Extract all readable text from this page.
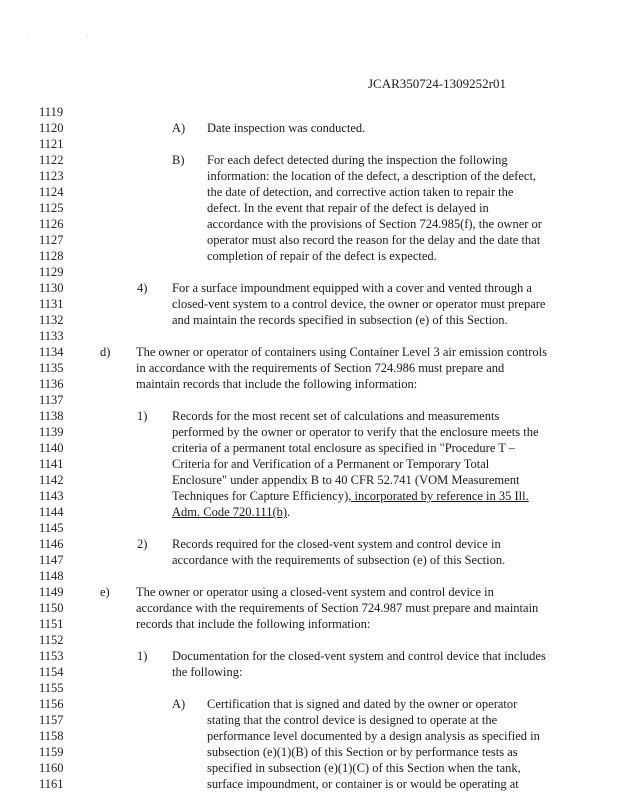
· ·
JCAR350724-1309252r01
1119
1120	A) Date inspection was conducted.
1121
1122	B) For each defect detected during the inspection the following
1123	information: the location of the defect, a description of the defect,
1124	the date of detection, and corrective action taken to repair the
1125	defect. In the event that repair of the defect is delayed in
1126	accordance with the provisions of Section 724.985(f), the owner or
1127	operator must also record the reason for the delay and the date that
1128	completion of repair of the defect is expected.
1129
1130	4) For a surface impoundment equipped with a cover and vented through a
1131	closed-vent system to a control device, the owner or operator must prepare
1132	and maintain the records specified in subsection (e) of this Section.
1133
1134	d) The owner or operator of containers using Container Level 3 air emission controls
1135	in accordance with the requirements of Section 724.986 must prepare and
1136	maintain records that include the following information:
1137
1138	1) Records for the most recent set of calculations and measurements
1139	performed by the owner or operator to verify that the enclosure meets the
1140	criteria of a permanent total enclosure as specified in "Procedure T –
1141	Criteria for and Verification of a Permanent or Temporary Total
1142	Enclosure" under appendix B to 40 CFR 52.741 (VOM Measurement
1143	Techniques for Capture Efficiency), incorporated by reference in 35 Ill.
1144	Adm. Code 720.111(b).
1145
1146	2) Records required for the closed-vent system and control device in
1147	accordance with the requirements of subsection (e) of this Section.
1148
1149	e) The owner or operator using a closed-vent system and control device in
1150	accordance with the requirements of Section 724.987 must prepare and maintain
1151	records that include the following information:
1152
1153	1) Documentation for the closed-vent system and control device that includes
1154	the following:
1155
1156	A) Certification that is signed and dated by the owner or operator
1157	stating that the control device is designed to operate at the
1158	performance level documented by a design analysis as specified in
1159	subsection (e)(1)(B) of this Section or by performance tests as
1160	specified in subsection (e)(1)(C) of this Section when the tank,
1161	surface impoundment, or container is or would be operating at
